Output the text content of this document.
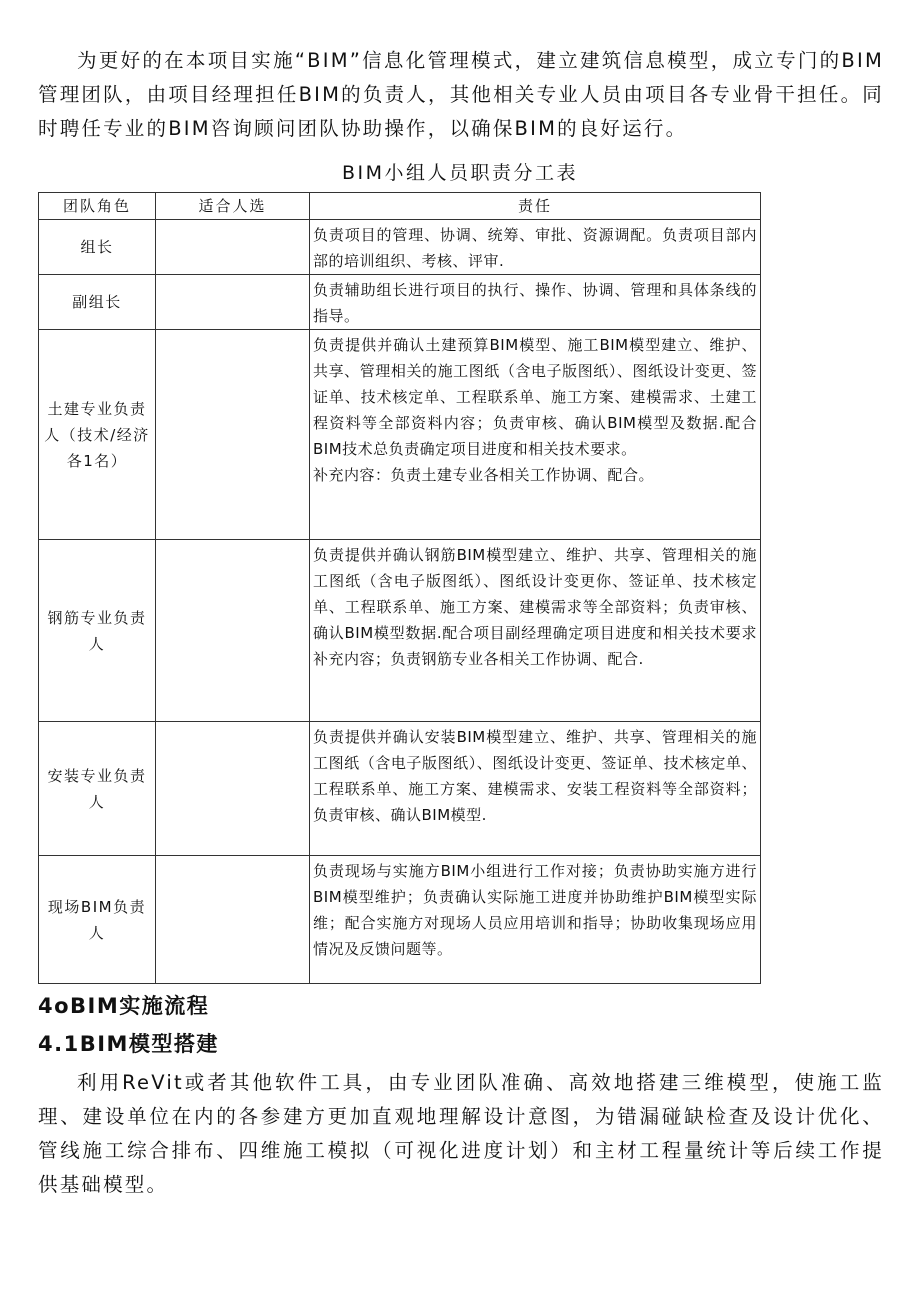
为更好的在本项目实施“BIM”信息化管理模式，建立建筑信息模型，成立专门的BIM管理团队，由项目经理担任BIM的负责人，其他相关专业人员由项目各专业骨干担任。同时聘任专业的BIM咨询顾问团队协助操作，以确保BIM的良好运行。

BIM小组人员职责分工表
团队角色	适合人选	责任
组长		负责项目的管理、协调、统筹、审批、资源调配。负责项目部内部的培训组织、考核、评审.
副组长		负责辅助组长进行项目的执行、操作、协调、管理和具体条线的指导。
土建专业负责人（技术/经济各1名）		负责提供并确认土建预算BIM模型、施工BIM模型建立、维护、共享、管理相关的施工图纸（含电子版图纸）、图纸设计变更、签证单、技术核定单、工程联系单、施工方案、建模需求、土建工程资料等全部资料内容；负责审核、确认BIM模型及数据.配合BIM技术总负责确定项目进度和相关技术要求。
补充内容：负责土建专业各相关工作协调、配合。

钢筋专业负责人		负责提供并确认钢筋BIM模型建立、维护、共享、管理相关的施工图纸（含电子版图纸）、图纸设计变更你、签证单、技术核定单、工程联系单、施工方案、建模需求等全部资料；负责审核、确认BIM模型数据.配合项目副经理确定项目进度和相关技术要求补充内容；负责钢筋专业各相关工作协调、配合.
安装专业负责人		负责提供并确认安装BIM模型建立、维护、共享、管理相关的施工图纸（含电子版图纸）、图纸设计变更、签证单、技术核定单、工程联系单、施工方案、建模需求、安装工程资料等全部资料；负责审核、确认BIM模型.
现场BIM负责人		负责现场与实施方BIM小组进行工作对接；负责协助实施方进行BIM模型维护；负责确认实际施工进度并协助维护BIM模型实际维；配合实施方对现场人员应用培训和指导；协助收集现场应用情况及反馈问题等。
4oBIM实施流程
4.1BIM模型搭建

利用ReVit或者其他软件工具，由专业团队准确、高效地搭建三维模型，使施工监理、建设单位在内的各参建方更加直观地理解设计意图，为错漏碰缺检查及设计优化、管线施工综合排布、四维施工模拟（可视化进度计划）和主材工程量统计等后续工作提供基础模型。
